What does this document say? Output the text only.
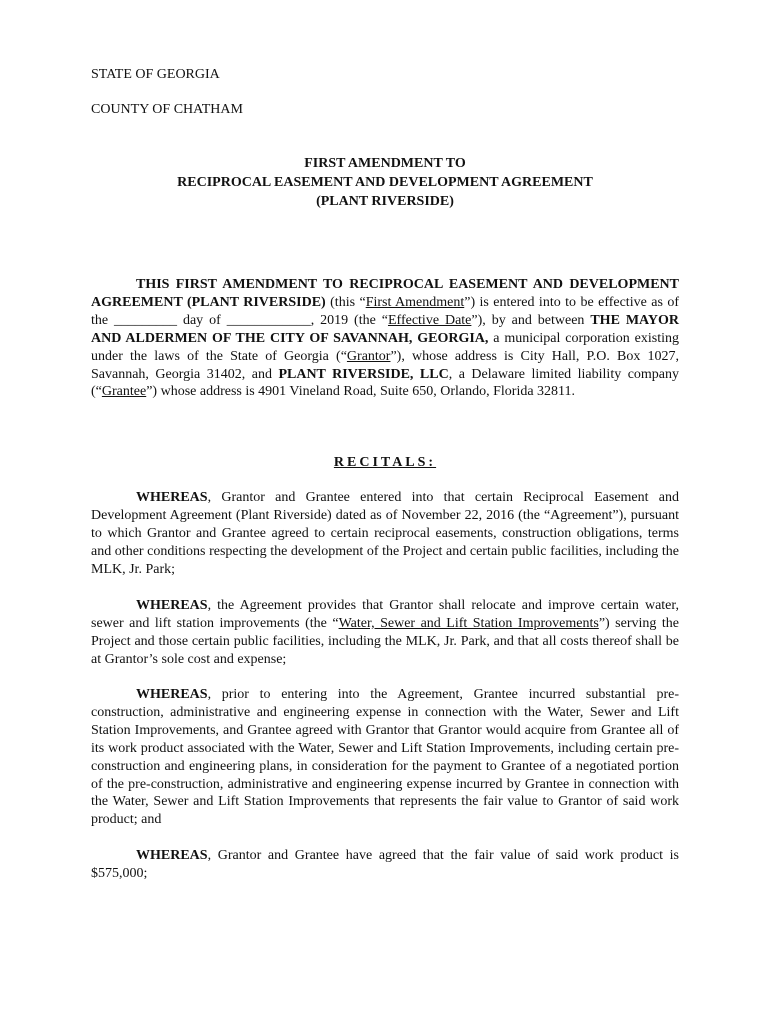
STATE OF GEORGIA
COUNTY OF CHATHAM
FIRST AMENDMENT TO
RECIPROCAL EASEMENT AND DEVELOPMENT AGREEMENT
(PLANT RIVERSIDE)
THIS FIRST AMENDMENT TO RECIPROCAL EASEMENT AND DEVELOPMENT AGREEMENT (PLANT RIVERSIDE) (this “First Amendment”) is entered into to be effective as of the _________ day of ____________, 2019 (the “Effective Date”), by and between THE MAYOR AND ALDERMEN OF THE CITY OF SAVANNAH, GEORGIA, a municipal corporation existing under the laws of the State of Georgia (“Grantor”), whose address is City Hall, P.O. Box 1027, Savannah, Georgia 31402, and PLANT RIVERSIDE, LLC, a Delaware limited liability company (“Grantee”) whose address is 4901 Vineland Road, Suite 650, Orlando, Florida 32811.
RECITALS:
WHEREAS, Grantor and Grantee entered into that certain Reciprocal Easement and Development Agreement (Plant Riverside) dated as of November 22, 2016 (the “Agreement”), pursuant to which Grantor and Grantee agreed to certain reciprocal easements, construction obligations, terms and other conditions respecting the development of the Project and certain public facilities, including the MLK, Jr. Park;
WHEREAS, the Agreement provides that Grantor shall relocate and improve certain water, sewer and lift station improvements (the “Water, Sewer and Lift Station Improvements”) serving the Project and those certain public facilities, including the MLK, Jr. Park, and that all costs thereof shall be at Grantor’s sole cost and expense;
WHEREAS, prior to entering into the Agreement, Grantee incurred substantial pre-construction, administrative and engineering expense in connection with the Water, Sewer and Lift Station Improvements, and Grantee agreed with Grantor that Grantor would acquire from Grantee all of its work product associated with the Water, Sewer and Lift Station Improvements, including certain pre-construction and engineering plans, in consideration for the payment to Grantee of a negotiated portion of the pre-construction, administrative and engineering expense incurred by Grantee in connection with the Water, Sewer and Lift Station Improvements that represents the fair value to Grantor of said work product; and
WHEREAS, Grantor and Grantee have agreed that the fair value of said work product is $575,000;
